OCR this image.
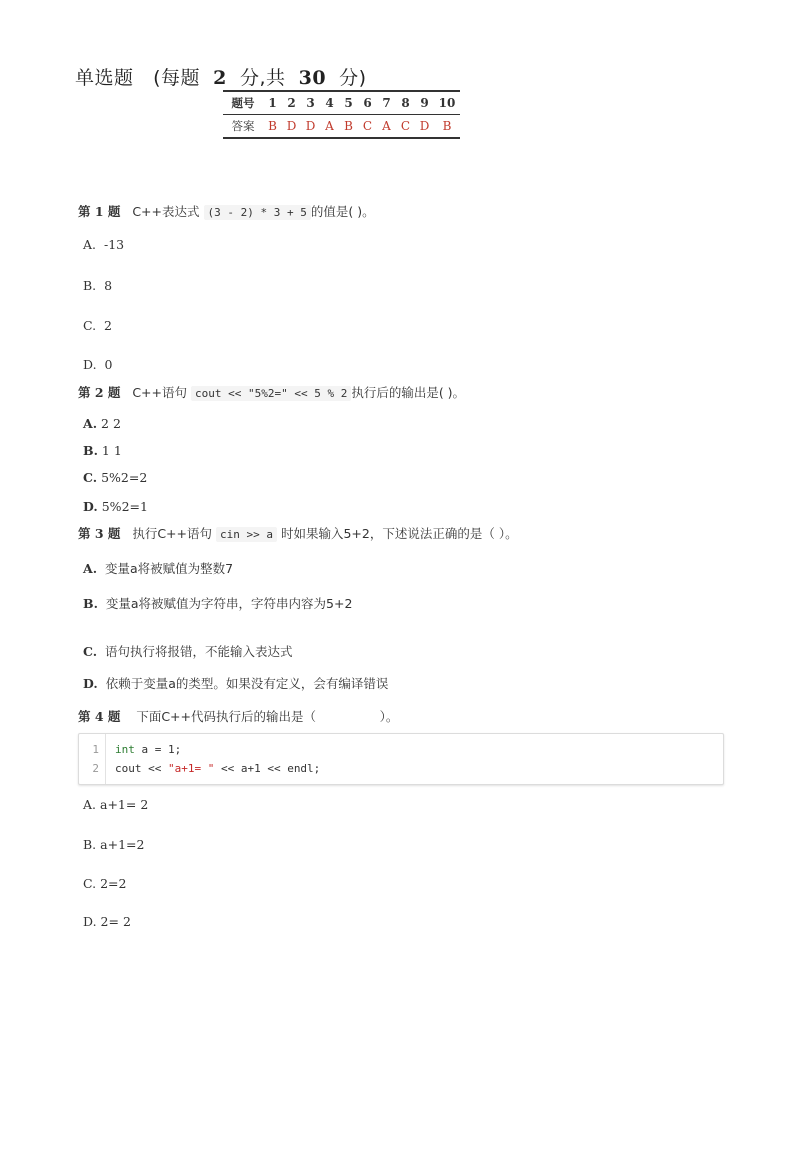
单选题 (每题 2 分,共 30 分)
题号	1	2	3	4	5	6	7	8	9	10
答案	B	D	D	A	B	C	A	C	D	B
第 1 题 C++表达式 (3 - 2) * 3 + 5 的值是( )。
A. -13
B. 8
C. 2
D. 0
第 2 题 C++语句 cout << "5%2=" << 5 % 2 执行后的输出是( )。
A. 2 2
B. 1 1
C. 5%2=2
D. 5%2=1
第 3 题 执行C++语句 cin >> a 时如果输入5+2，下述说法正确的是（ ）。
A. 变量a将被赋值为整数7
B. 变量a将被赋值为字符串，字符串内容为5+2
C. 语句执行将报错，不能输入表达式
D. 依赖于变量a的类型。如果没有定义，会有编译错误
第 4 题 下面C++代码执行后的输出是（	）。
1
2
int a = 1;
cout << "a+1= " << a+1 << endl;
A. a+1= 2
B. a+1=2
C. 2=2
D. 2= 2
